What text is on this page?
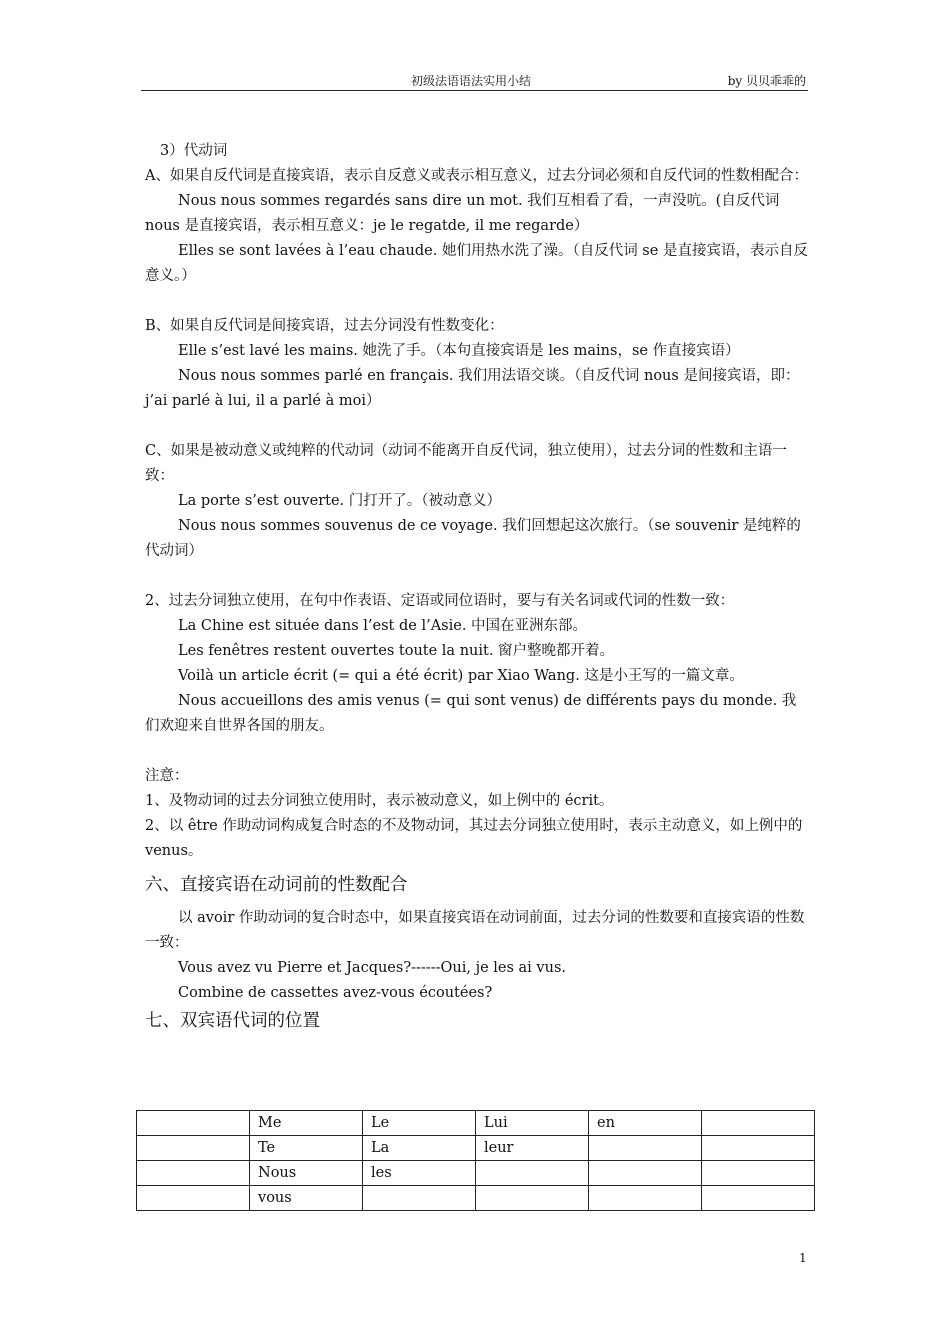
初级法语语法实用小结	by 贝贝乖乖的

3）代动词

A、如果自反代词是直接宾语，表示自反意义或表示相互意义，过去分词必须和自反代词的性数相配合：

Nous nous sommes regardés sans dire un mot. 我们互相看了看，一声没吭。(自反代词 nous 是直接宾语，表示相互意义：je le regatde, il me regarde）

Elles se sont lavées à l’eau chaude. 她们用热水洗了澡。（自反代词 se 是直接宾语，表示自反意义。）

B、如果自反代词是间接宾语，过去分词没有性数变化：

Elle s’est lavé les mains. 她洗了手。（本句直接宾语是 les mains，se 作直接宾语）

Nous nous sommes parlé en français. 我们用法语交谈。（自反代词 nous 是间接宾语，即：j’ai parlé à lui, il a parlé à moi）

C、如果是被动意义或纯粹的代动词（动词不能离开自反代词，独立使用），过去分词的性数和主语一致：

La porte s’est ouverte. 门打开了。（被动意义）

Nous nous sommes souvenus de ce voyage. 我们回想起这次旅行。（se souvenir 是纯粹的代动词）

2、过去分词独立使用，在句中作表语、定语或同位语时，要与有关名词或代词的性数一致：

La Chine est située dans l’est de l’Asie. 中国在亚洲东部。

Les fenêtres restent ouvertes toute la nuit. 窗户整晚都开着。

Voilà un article écrit (= qui a été écrit) par Xiao Wang. 这是小王写的一篇文章。

Nous accueillons des amis venus (= qui sont venus) de différents pays du monde. 我们欢迎来自世界各国的朋友。

注意：

1、及物动词的过去分词独立使用时，表示被动意义，如上例中的 écrit。

2、以 être 作助动词构成复合时态的不及物动词，其过去分词独立使用时，表示主动意义，如上例中的 venus。

六、直接宾语在动词前的性数配合

以 avoir 作助动词的复合时态中，如果直接宾语在动词前面，过去分词的性数要和直接宾语的性数一致：

Vous avez vu Pierre et Jacques?------Oui, je les ai vus.

Combine de cassettes avez-vous écoutées?

七、双宾语代词的位置
	Me	Le	Lui	en	
	Te	La	leur		
	Nous	les			
	vous				
1
